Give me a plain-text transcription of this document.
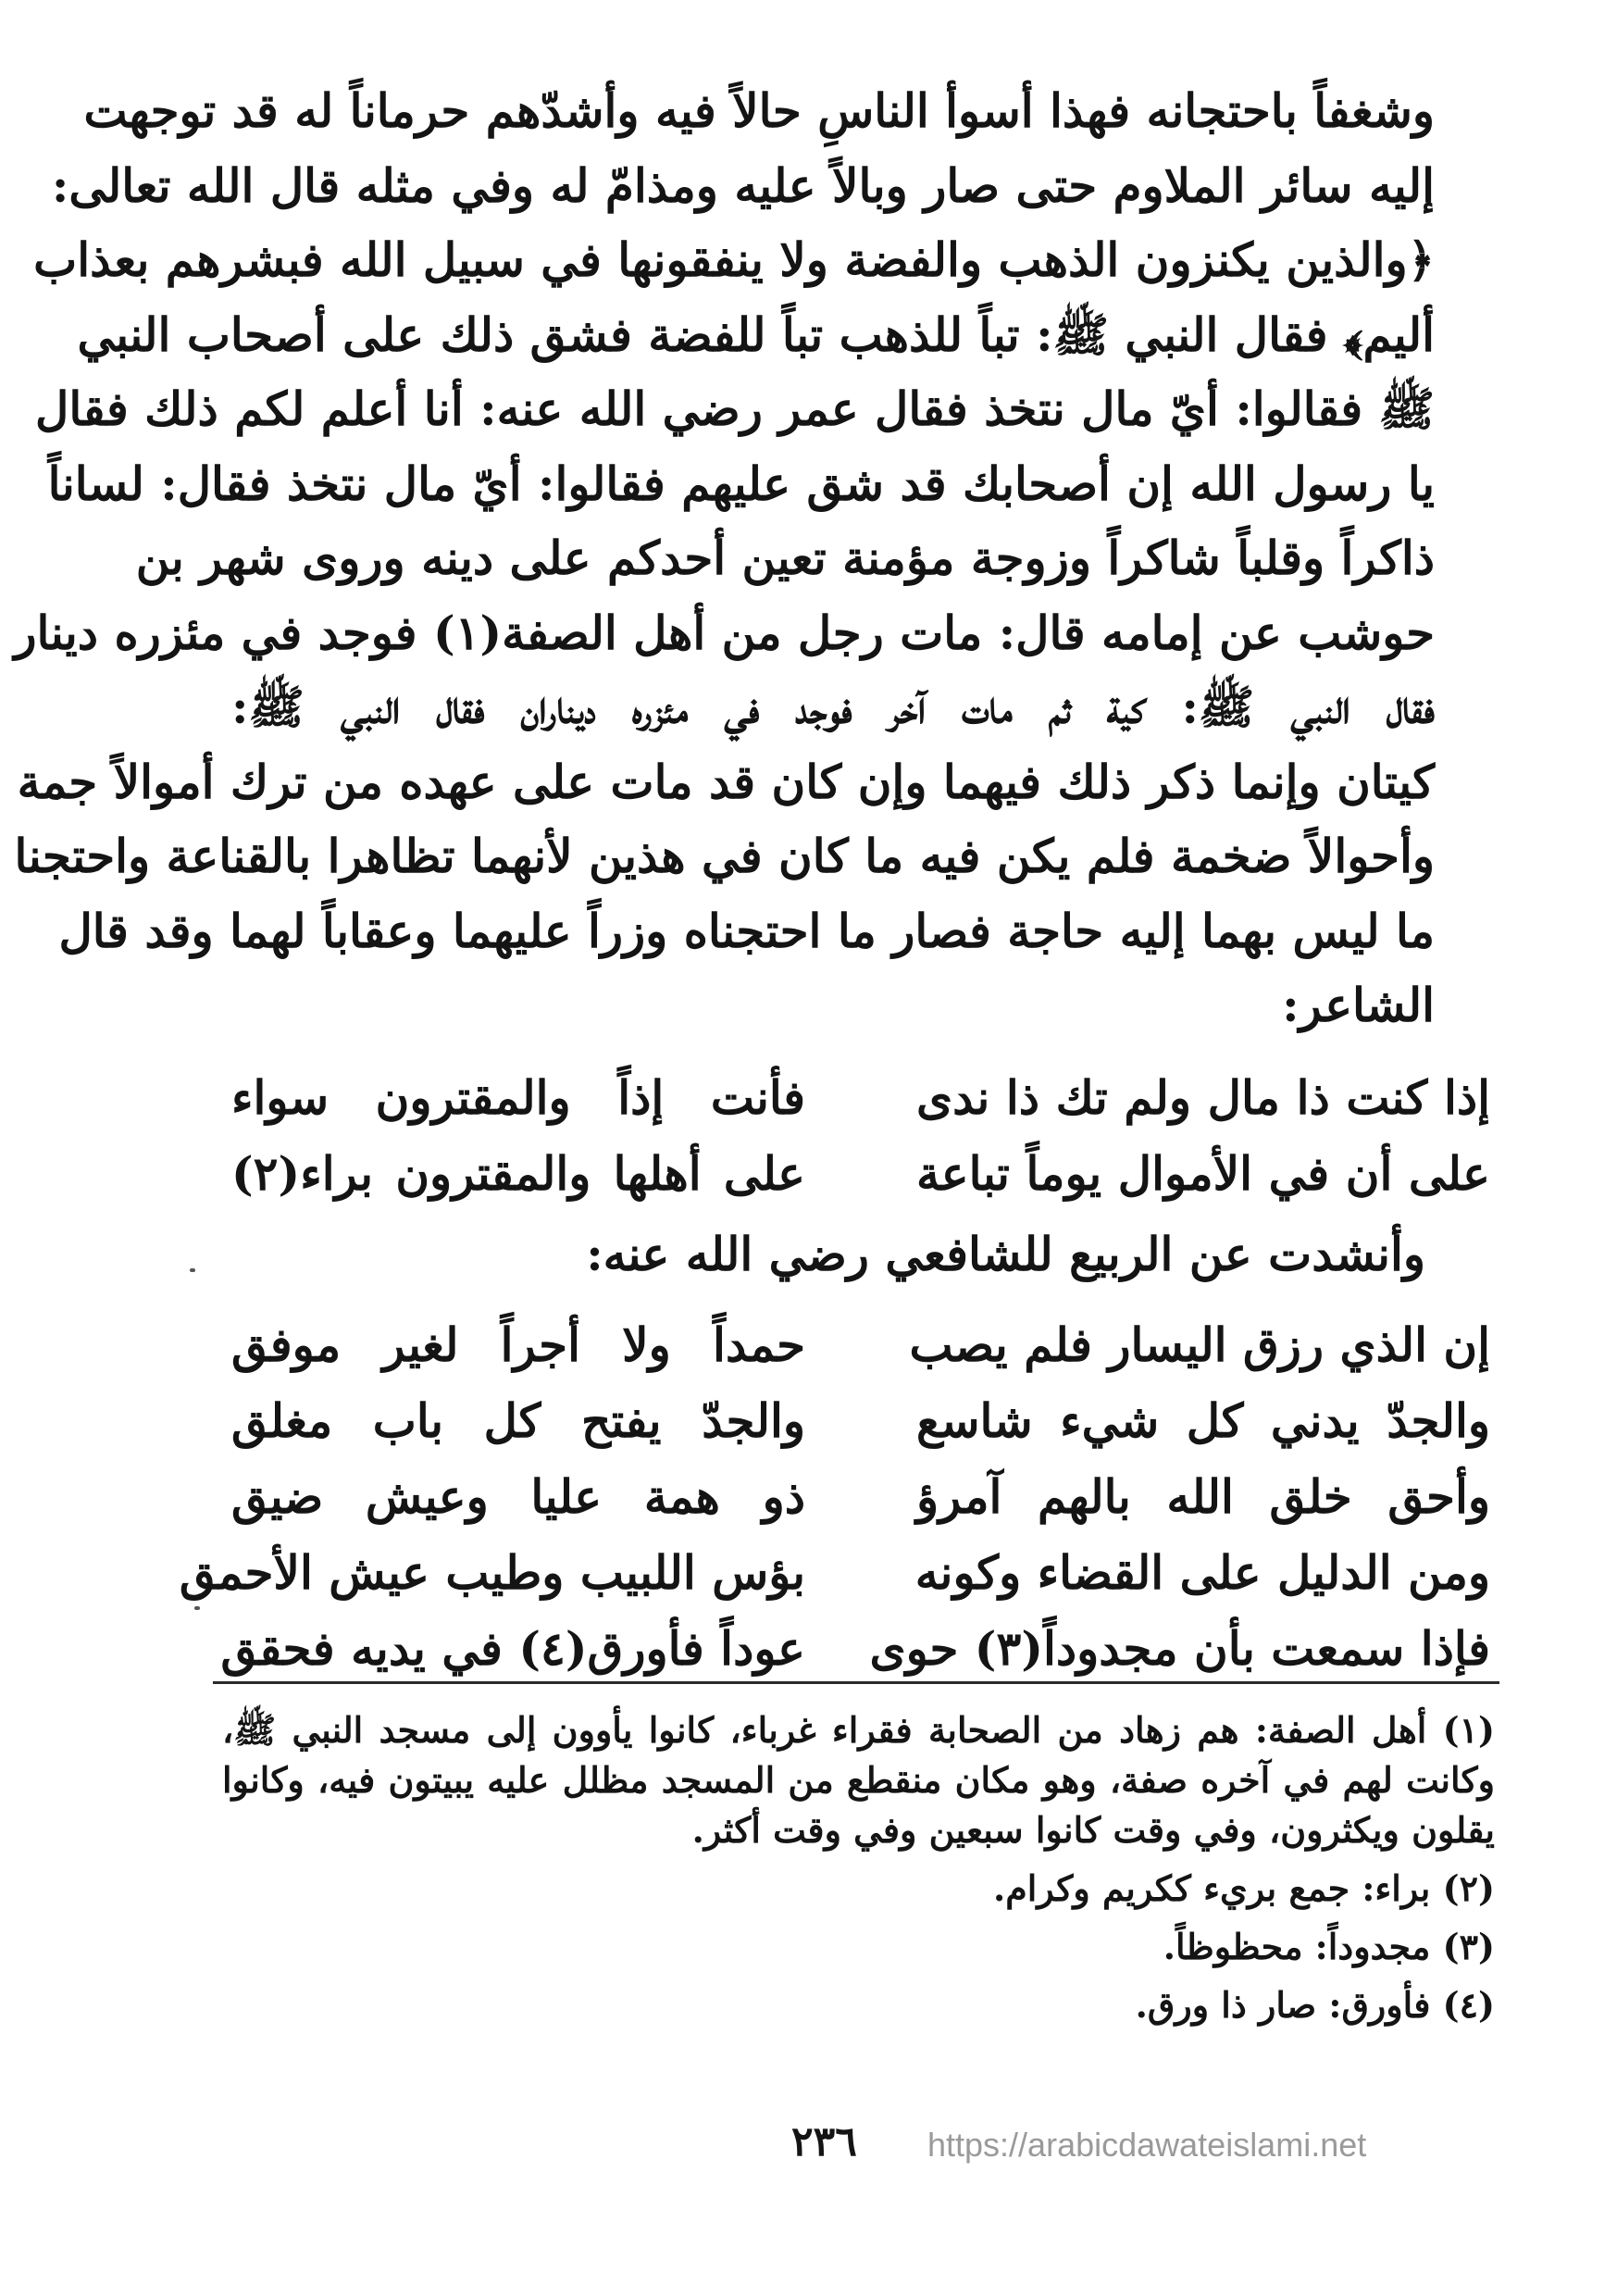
وشغفاً باحتجانه فهذا أسوأ الناسِ حالاً فيه وأشدّهم حرماناً له قد توجهت
إليه سائر الملاوم حتى صار وبالاً عليه ومذامّ له وفي مثله قال الله تعالى:
﴿والذين يكنزون الذهب والفضة ولا ينفقونها في سبيل الله فبشرهم بعذاب
أليم﴾ فقال النبي ﷺ: تباً للذهب تباً للفضة فشق ذلك على أصحاب النبي
ﷺ فقالوا: أيّ مال نتخذ فقال عمر رضي الله عنه: أنا أعلم لكم ذلك فقال
يا رسول الله إن أصحابك قد شق عليهم فقالوا: أيّ مال نتخذ فقال: لساناً
ذاكراً وقلباً شاكراً وزوجة مؤمنة تعين أحدكم على دينه وروى شهر بن
حوشب عن إمامه قال: مات رجل من أهل الصفة(١) فوجد في مئزره دينار
فقال النبي ﷺ: كية ثم مات آخر فوجد في مئزره ديناران فقال النبي ﷺ:
كيتان وإنما ذكر ذلك فيهما وإن كان قد مات على عهده من ترك أموالاً جمة
وأحوالاً ضخمة فلم يكن فيه ما كان في هذين لأنهما تظاهرا بالقناعة واحتجنا
ما ليس بهما إليه حاجة فصار ما احتجناه وزراً عليهما وعقاباً لهما وقد قال
الشاعر:
إذا كنت ذا مال ولم تك ذا ندى
فأنت إذاً والمقترون سواء
على أن في الأموال يوماً تباعة
على أهلها والمقترون براء(٢)
وأنشدت عن الربيع للشافعي رضي الله عنه:
إن الذي رزق اليسار فلم يصب
حمداً ولا أجراً لغير موفق
والجدّ يدني كل شيء شاسع
والجدّ يفتح كل باب مغلق
وأحق خلق الله بالهم آمرؤ
ذو همة عليا وعيش ضيق
ومن الدليل على القضاء وكونه
بؤس اللبيب وطيب عيش الأحمق
فإذا سمعت بأن مجدوداً(٣) حوى
عوداً فأورق(٤) في يديه فحقق
(١) أهل الصفة: هم زهاد من الصحابة فقراء غرباء، كانوا يأوون إلى مسجد النبي ﷺ، وكانت لهم في آخره صفة، وهو مكان منقطع من المسجد مظلل عليه يبيتون فيه، وكانوا يقلون ويكثرون، وفي وقت كانوا سبعين وفي وقت أكثر.
(٢) براء: جمع بريء ككريم وكرام.
(٣) مجدوداً: محظوظاً.
(٤) فأورق: صار ذا ورق.
٢٣٦ https://arabicdawateislami.net
